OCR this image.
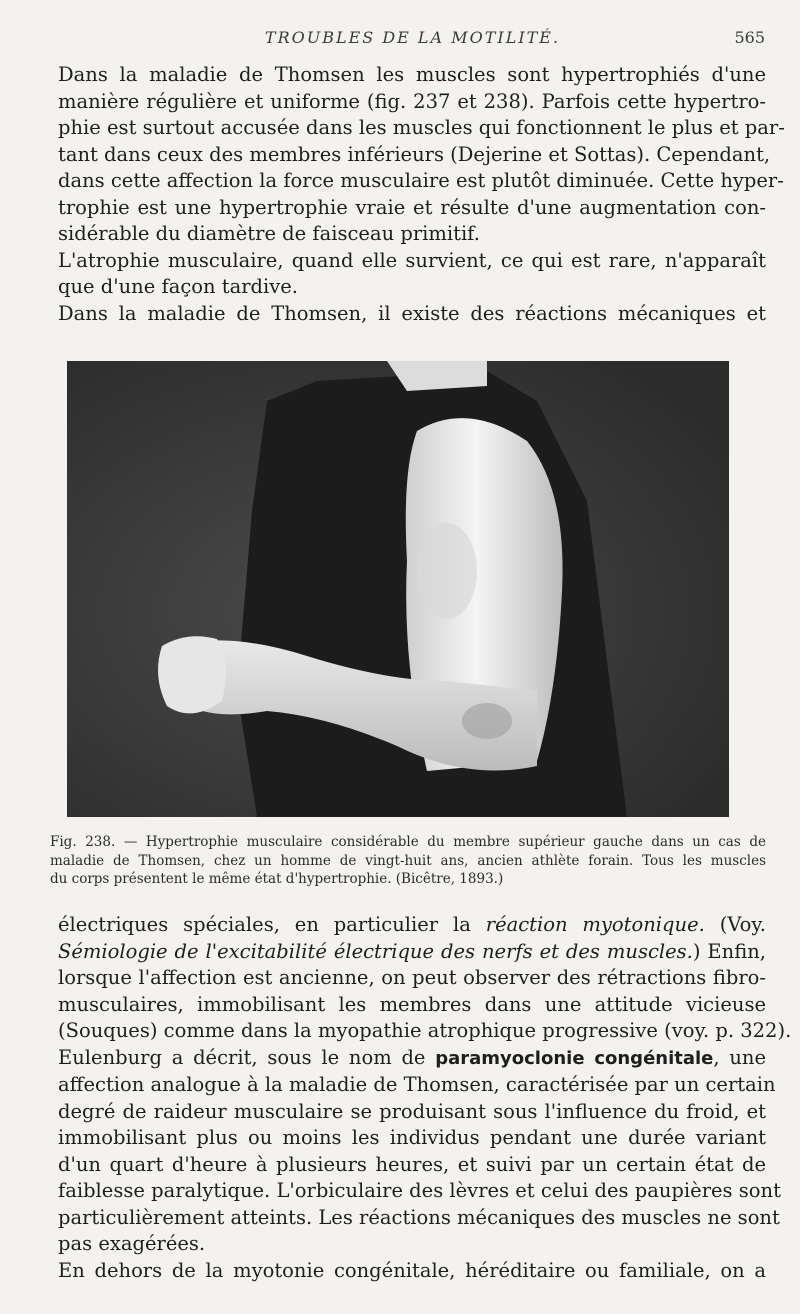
TROUBLES DE LA MOTILITÉ.	565

Dans la maladie de Thomsen les muscles sont hypertrophiés d'une
manière régulière et uniforme (fig. 237 et 238). Parfois cette hypertro-
phie est surtout accusée dans les muscles qui fonctionnent le plus et par-
tant dans ceux des membres inférieurs (Dejerine et Sottas). Cependant,
dans cette affection la force musculaire est plutôt diminuée. Cette hyper-
trophie est une hypertrophie vraie et résulte d'une augmentation con-
sidérable du diamètre de faisceau primitif.

L'atrophie musculaire, quand elle survient, ce qui est rare, n'apparaît
que d'une façon tardive.

Dans la maladie de Thomsen, il existe des réactions mécaniques et

Fig. 238. — Hypertrophie musculaire considérable du membre supérieur gauche dans un cas de
maladie de Thomsen, chez un homme de vingt-huit ans, ancien athlète forain. Tous les muscles
du corps présentent le même état d'hypertrophie. (Bicêtre, 1893.)

électriques spéciales, en particulier la réaction myotonique. (Voy.
Sémiologie de l'excitabilité électrique des nerfs et des muscles.) Enfin,
lorsque l'affection est ancienne, on peut observer des rétractions fibro-
musculaires, immobilisant les membres dans une attitude vicieuse
(Souques) comme dans la myopathie atrophique progressive (voy. p. 322).

Eulenburg a décrit, sous le nom de paramyoclonie congénitale, une
affection analogue à la maladie de Thomsen, caractérisée par un certain
degré de raideur musculaire se produisant sous l'influence du froid, et
immobilisant plus ou moins les individus pendant une durée variant
d'un quart d'heure à plusieurs heures, et suivi par un certain état de
faiblesse paralytique. L'orbiculaire des lèvres et celui des paupières sont
particulièrement atteints. Les réactions mécaniques des muscles ne sont
pas exagérées.

En dehors de la myotonie congénitale, héréditaire ou familiale, on a
